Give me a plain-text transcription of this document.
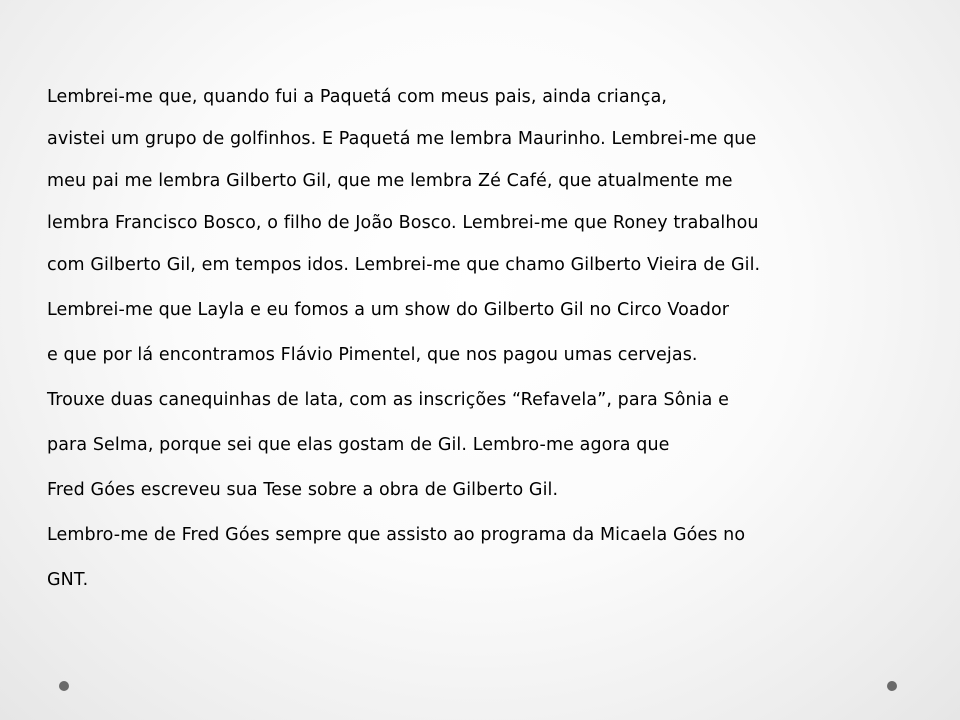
Lembrei-me que, quando fui a Paquetá com meus pais, ainda criança,
avistei um grupo de golfinhos. E Paquetá me lembra Maurinho. Lembrei-me que
meu pai me lembra Gilberto Gil, que me lembra Zé Café, que atualmente me
lembra Francisco Bosco, o filho de João Bosco. Lembrei-me que Roney trabalhou
com Gilberto Gil, em tempos idos. Lembrei-me que chamo Gilberto Vieira de Gil.
Lembrei-me que Layla e eu fomos a um show do Gilberto Gil no Circo Voador
e que por lá encontramos Flávio Pimentel, que nos pagou umas cervejas.
Trouxe duas canequinhas de lata, com as inscrições “Refavela”, para Sônia e
para Selma, porque sei que elas gostam de Gil. Lembro-me agora que
Fred Góes escreveu sua Tese sobre a obra de Gilberto Gil.
Lembro-me de Fred Góes sempre que assisto ao programa da Micaela Góes no
GNT.
